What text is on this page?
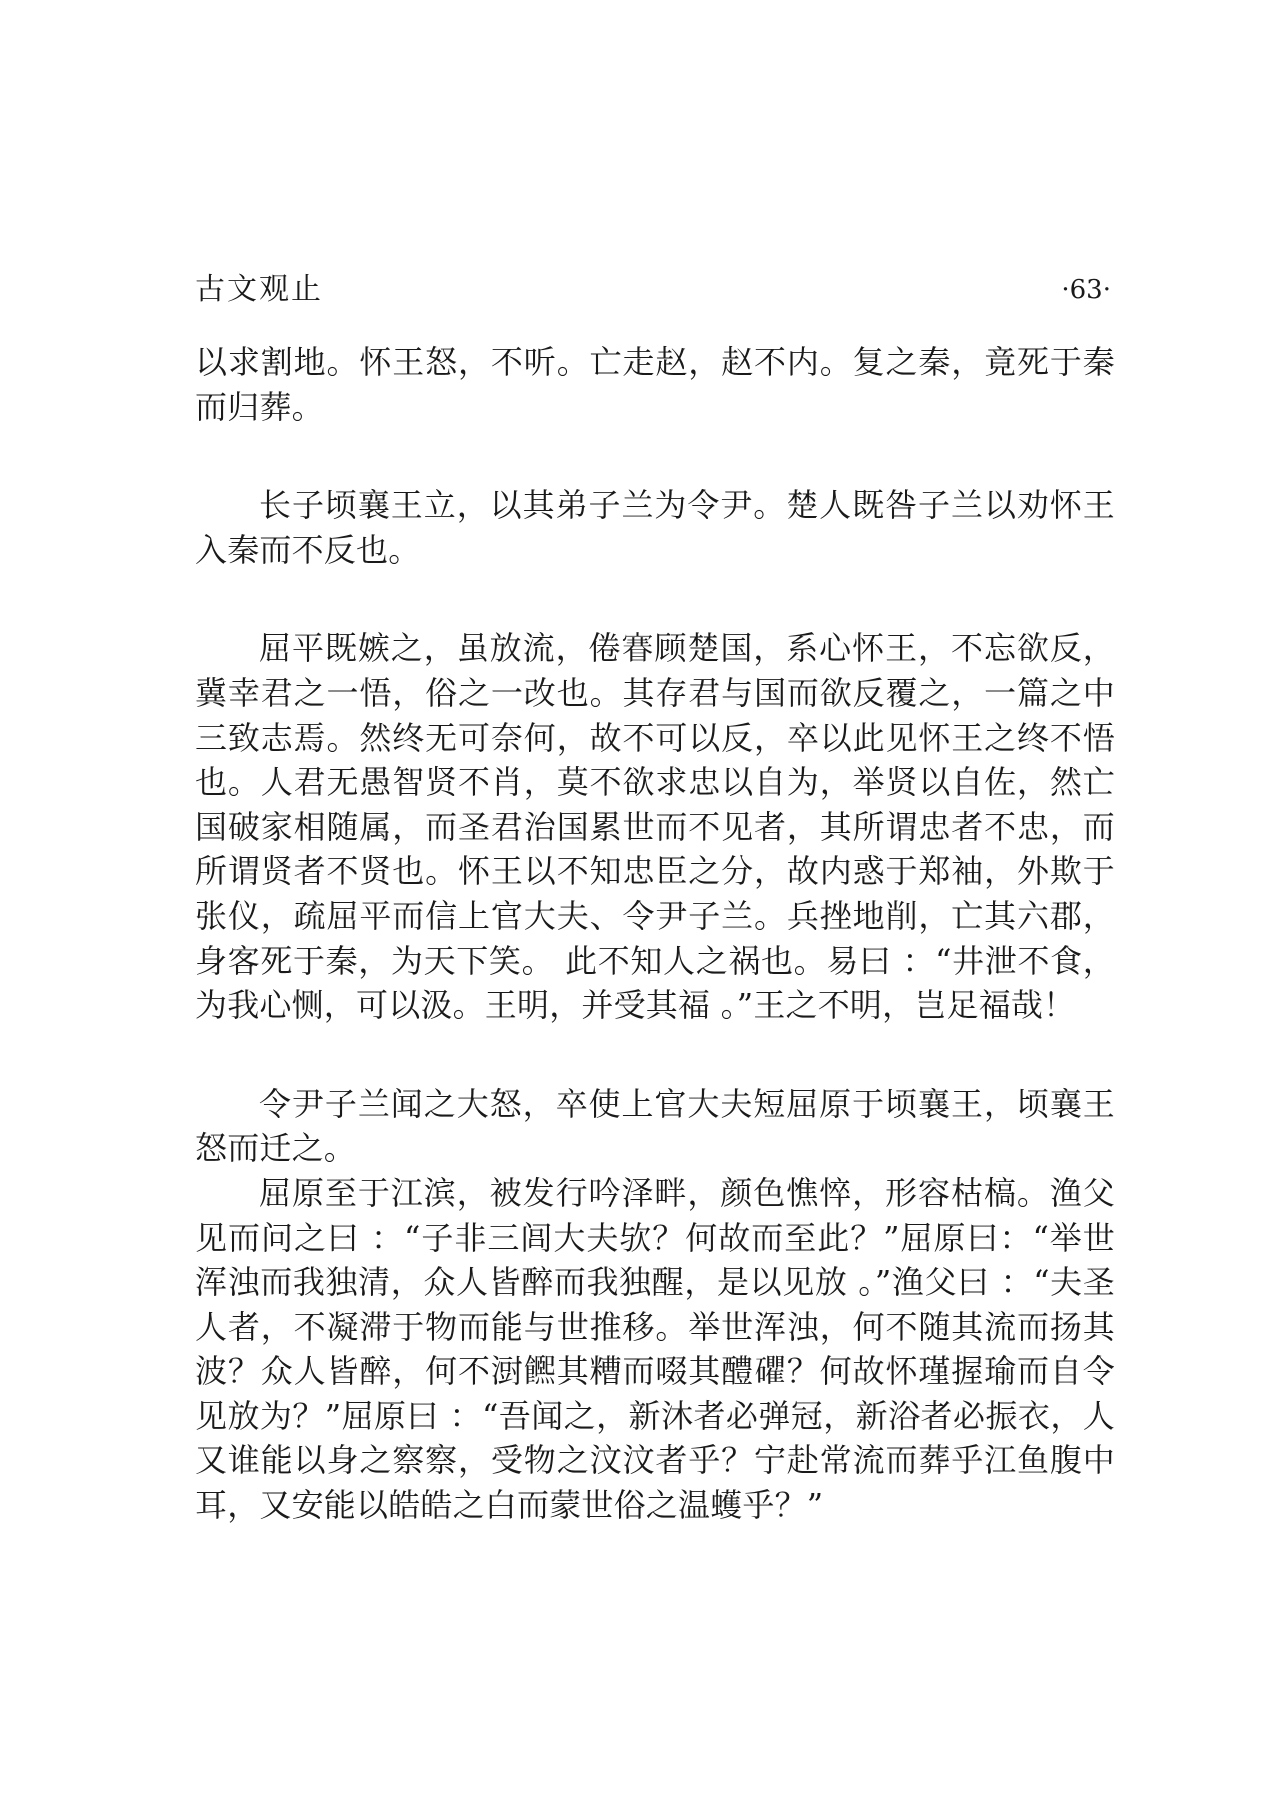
古文观止	·63·

以求割地。怀王怒，不听。亡走赵，赵不内。复之秦，竟死于秦而归葬。

长子顷襄王立，以其弟子兰为令尹。楚人既咎子兰以劝怀王入秦而不反也。

屈平既嫉之，虽放流，倦𥈽顾楚国，系心怀王，不忘欲反，冀幸君之一悟，俗之一改也。其存君与国而欲反覆之，一篇之中三致志焉。然终无可奈何，故不可以反，卒以此见怀王之终不悟也。人君无愚智贤不肖，莫不欲求忠以自为，举贤以自佐，然亡国破家相随属，而圣君治国累世而不见者，其所谓忠者不忠，而所谓贤者不贤也。怀王以不知忠臣之分，故内惑于郑袖，外欺于张仪，疏屈平而信上官大夫、令尹子兰。兵挫地削，亡其六郡， 身客死于秦，为天下笑。 此不知人之祸也。易曰 ：“井泄不食，为我心恻，可以汲。王明，并受其福 。”王之不明，岂足福哉！

令尹子兰闻之大怒，卒使上官大夫短屈原于顷襄王，顷襄王怒而迁之。

屈原至于江滨，被发行吟泽畔，颜色憔悴，形容枯槁。渔父见而问之曰 ：“子非三闾大夫欤？何故而至此？”屈原曰：“举世浑浊而我独清，众人皆醉而我独醒，是以见放 。”渔父曰 ：“夫圣人者，不凝滞于物而能与世推移。举世浑浊，何不随其流而扬其波？众人皆醉，何不㴻𩟄其糟而啜其醴𥗫？何故怀瑾握瑜而自令见放为？”屈原曰 ：“吾闻之，新沐者必弹冠，新浴者必振衣，人又谁能以身之察察，受物之汶汶者乎？宁赴常流而葬乎江鱼腹中耳，又安能以皓皓之白而蒙世俗之温蠖乎？”
